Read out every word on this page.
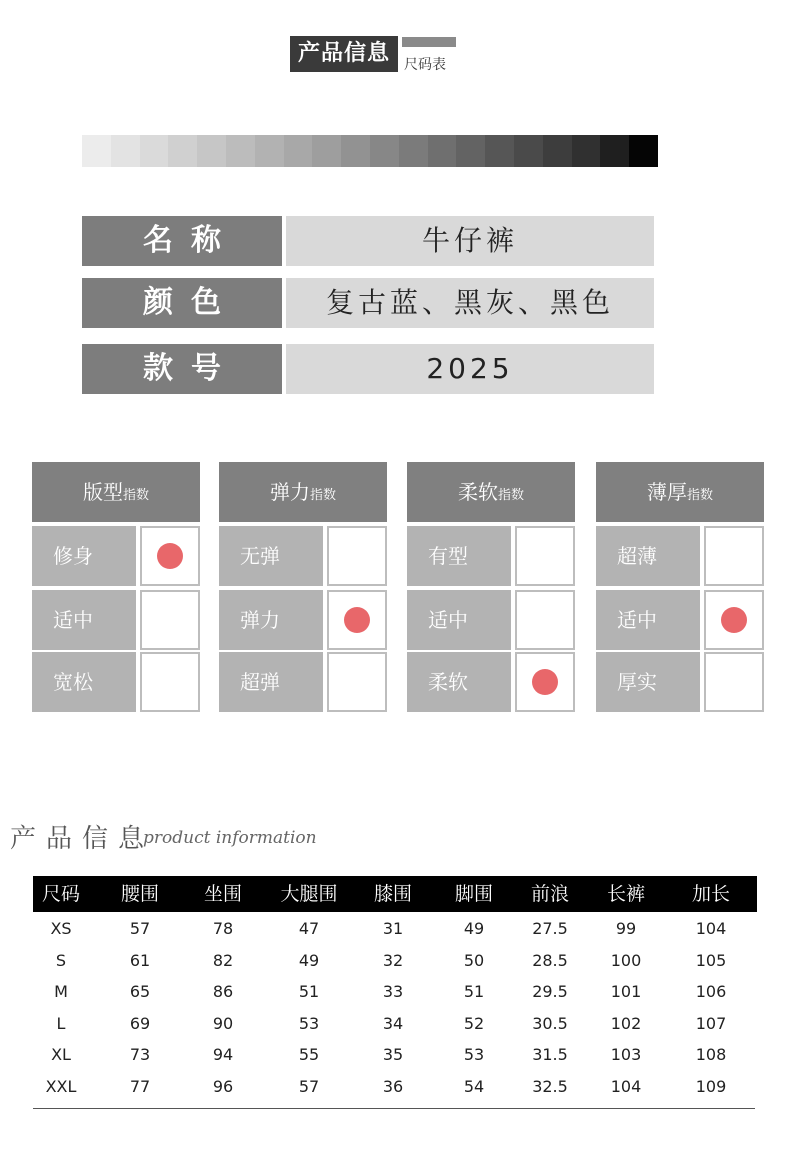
产品信息	尺码表
名称	牛仔裤
颜色	复古蓝、黑灰、黑色
款号	2025
版型指数
修身
适中
宽松
弹力指数
无弹
弹力
超弹
柔软指数
有型
适中
柔软
薄厚指数
超薄
适中
厚实
产品信息
product information
尺码	腰围	坐围	大腿围	膝围	脚围	前浪	长裤	加长
XS	57	78	47	31	49	27.5	99	104
S	61	82	49	32	50	28.5	100	105
M	65	86	51	33	51	29.5	101	106
L	69	90	53	34	52	30.5	102	107
XL	73	94	55	35	53	31.5	103	108
XXL	77	96	57	36	54	32.5	104	109
